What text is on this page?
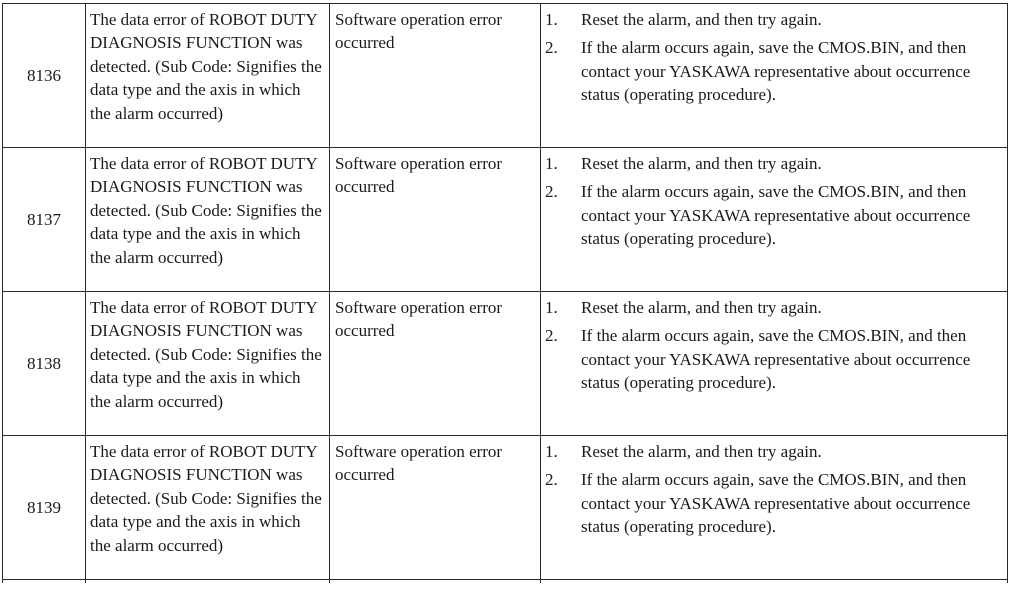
8136	The data error of ROBOT DUTY DIAGNOSIS FUNCTION was detected. (Sub Code: Signifies the data type and the axis in which the alarm occurred)	Software operation error occurred	1. Reset the alarm, and then try again.
2. If the alarm occurs again, save the CMOS.BIN, and then contact your YASKAWA representative about occurrence status (operating procedure).

8137	The data error of ROBOT DUTY DIAGNOSIS FUNCTION was detected. (Sub Code: Signifies the data type and the axis in which the alarm occurred)	Software operation error occurred	1. Reset the alarm, and then try again.
2. If the alarm occurs again, save the CMOS.BIN, and then contact your YASKAWA representative about occurrence status (operating procedure).

8138	The data error of ROBOT DUTY DIAGNOSIS FUNCTION was detected. (Sub Code: Signifies the data type and the axis in which the alarm occurred)	Software operation error occurred	1. Reset the alarm, and then try again.
2. If the alarm occurs again, save the CMOS.BIN, and then contact your YASKAWA representative about occurrence status (operating procedure).

8139	The data error of ROBOT DUTY DIAGNOSIS FUNCTION was detected. (Sub Code: Signifies the data type and the axis in which the alarm occurred)	Software operation error occurred	1. Reset the alarm, and then try again.
2. If the alarm occurs again, save the CMOS.BIN, and then contact your YASKAWA representative about occurrence status (operating procedure).
